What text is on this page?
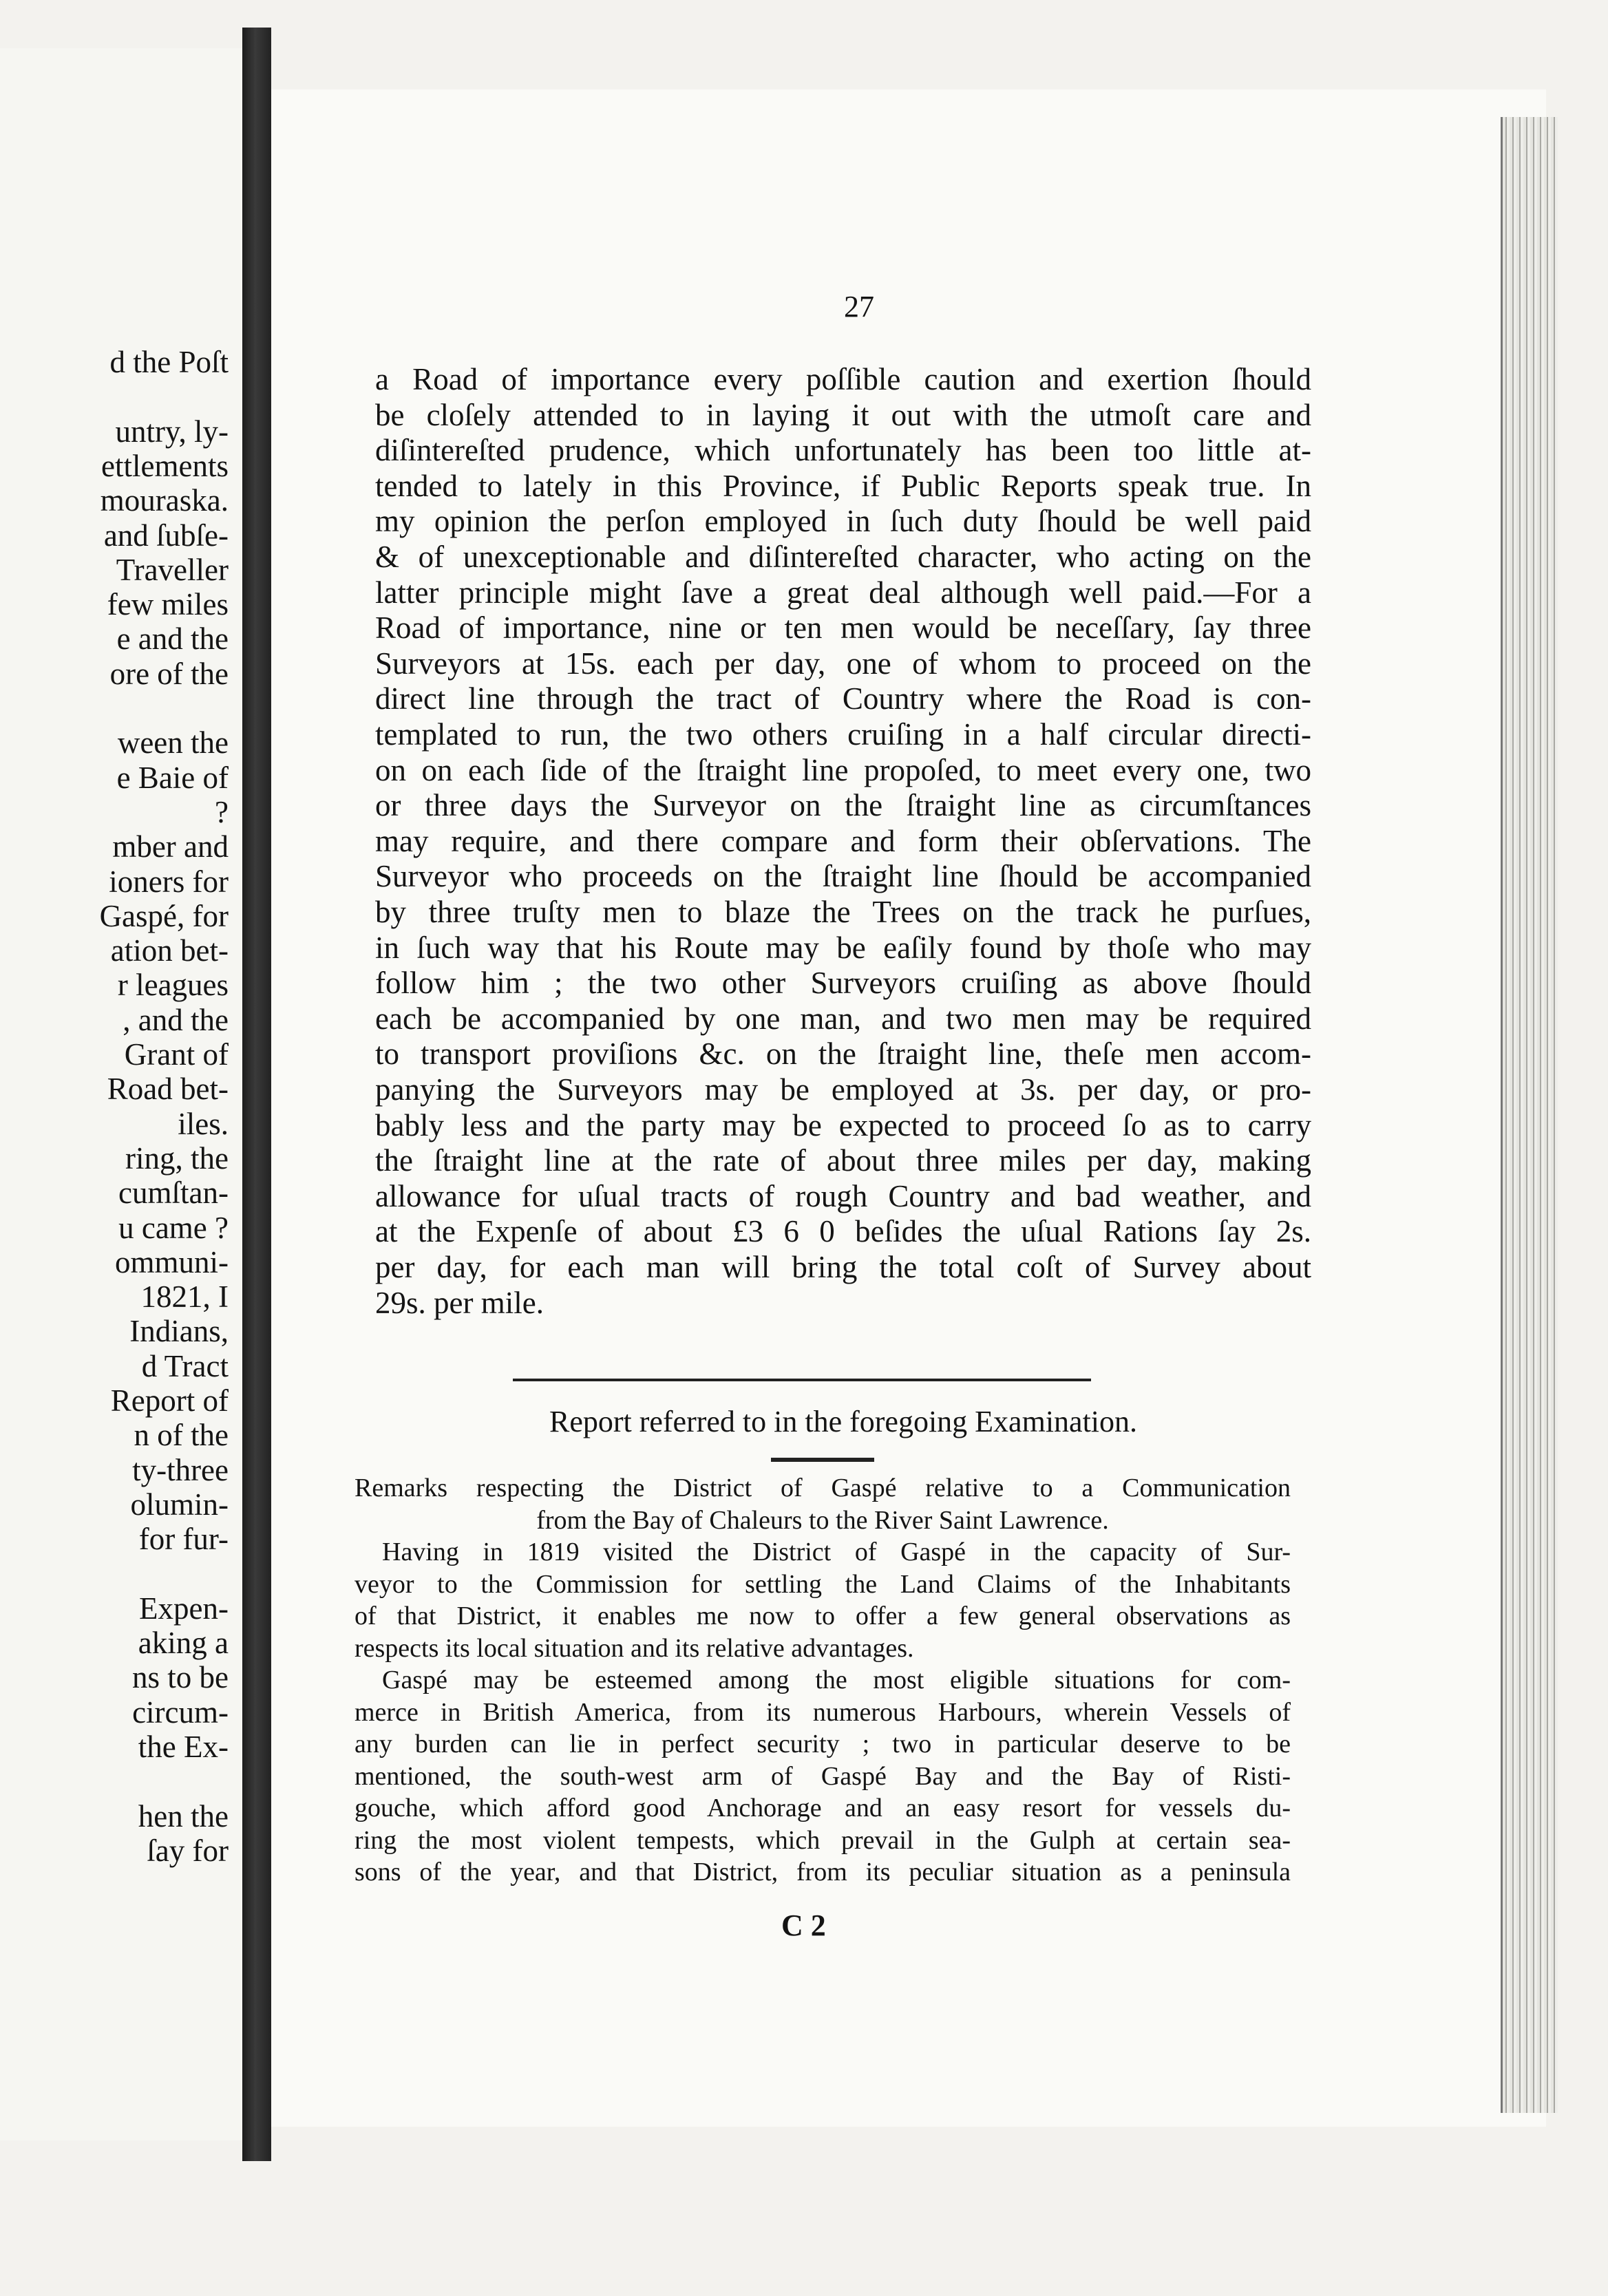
d the Poſt
untry, ly-
ettlements
mouraska.
and ſubſe-
Traveller
few miles
e and the
ore of the
ween the
e Baie of
?
mber and
ioners for
Gaspé, for
ation bet-
r leagues
, and the
Grant of
Road bet-
iles.
ring, the
cumſtan-
u came ?
ommuni-
1821, I
Indians,
d Tract
Report of
n of the
ty-three
olumin-
for fur-
Expen-
aking a
ns to be
circum-
the Ex-
hen the
ſay for
27
a Road of importance every poſſible caution and exertion ſhould
be cloſely attended to in laying it out with the utmoſt care and
diſintereſted prudence, which unfortunately has been too little at-
tended to lately in this Province, if Public Reports speak true. In
my opinion the perſon employed in ſuch duty ſhould be well paid
& of unexceptionable and diſintereſted character, who acting on the
latter principle might ſave a great deal although well paid.—For a
Road of importance, nine or ten men would be neceſſary, ſay three
Surveyors at 15s. each per day, one of whom to proceed on the
direct line through the tract of Country where the Road is con-
templated to run, the two others cruiſing in a half circular directi-
on on each ſide of the ſtraight line propoſed, to meet every one, two
or three days the Surveyor on the ſtraight line as circumſtances
may require, and there compare and form their obſervations. The
Surveyor who proceeds on the ſtraight line ſhould be accompanied
by three truſty men to blaze the Trees on the track he purſues,
in ſuch way that his Route may be eaſily found by thoſe who may
follow him ; the two other Surveyors cruiſing as above ſhould
each be accompanied by one man, and two men may be required
to transport proviſions &c. on the ſtraight line, theſe men accom-
panying the Surveyors may be employed at 3s. per day, or pro-
bably less and the party may be expected to proceed ſo as to carry
the ſtraight line at the rate of about three miles per day, making
allowance for uſual tracts of rough Country and bad weather, and
at the Expenſe of about £3 6 0 beſides the uſual Rations ſay 2s.
per day, for each man will bring the total coſt of Survey about
29s. per mile.
Report referred to in the foregoing Examination.
Remarks respecting the District of Gaspé relative to a Communication
from the Bay of Chaleurs to the River Saint Lawrence.
Having in 1819 visited the District of Gaspé in the capacity of Sur-
veyor to the Commission for settling the Land Claims of the Inhabitants
of that District, it enables me now to offer a few general observations as
respects its local situation and its relative advantages.
Gaspé may be esteemed among the most eligible situations for com-
merce in British America, from its numerous Harbours, wherein Vessels of
any burden can lie in perfect security ; two in particular deserve to be
mentioned, the south-west arm of Gaspé Bay and the Bay of Risti-
gouche, which afford good Anchorage and an easy resort for vessels du-
ring the most violent tempests, which prevail in the Gulph at certain sea-
sons of the year, and that District, from its peculiar situation as a peninsula
C 2
